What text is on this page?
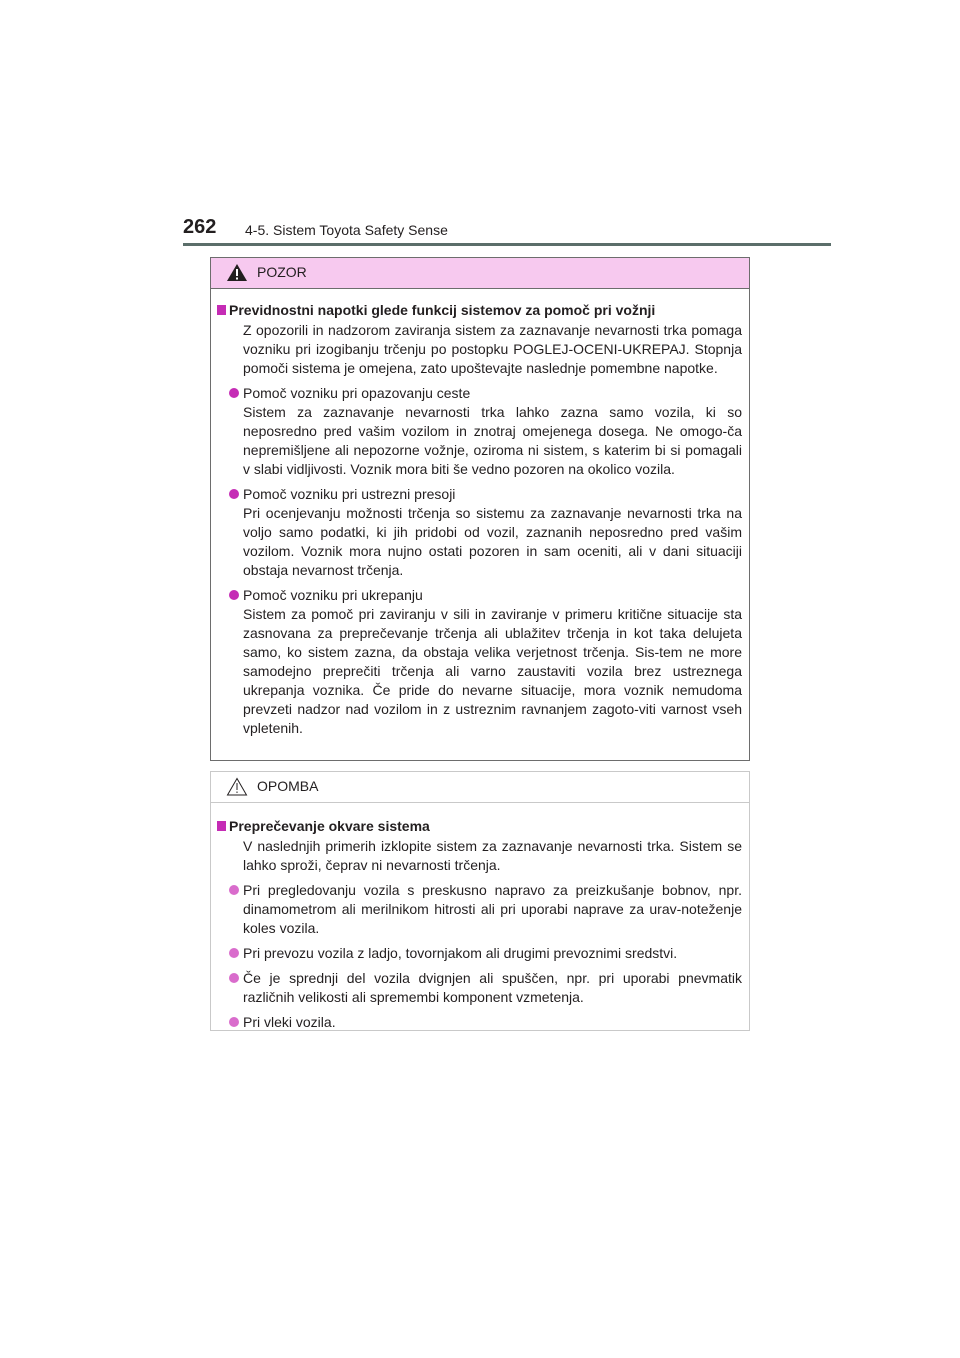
262 4-5. Sistem Toyota Safety Sense
POZOR
Previdnostni napotki glede funkcij sistemov za pomoč pri vožnji
Z opozorili in nadzorom zaviranja sistem za zaznavanje nevarnosti trka pomaga vozniku pri izogibanju trčenju po postopku POGLEJ-OCENI-UKREPAJ. Stopnja pomoči sistema je omejena, zato upoštevajte naslednje pomembne napotke.
Pomoč vozniku pri opazovanju ceste
Sistem za zaznavanje nevarnosti trka lahko zazna samo vozila, ki so neposredno pred vašim vozilom in znotraj omejenega dosega. Ne omogo-ča nepremišljene ali nepozorne vožnje, oziroma ni sistem, s katerim bi si pomagali v slabi vidljivosti. Voznik mora biti še vedno pozoren na okolico vozila.
Pomoč vozniku pri ustrezni presoji
Pri ocenjevanju možnosti trčenja so sistemu za zaznavanje nevarnosti trka na voljo samo podatki, ki jih pridobi od vozil, zaznanih neposredno pred vašim vozilom. Voznik mora nujno ostati pozoren in sam oceniti, ali v dani situaciji obstaja nevarnost trčenja.
Pomoč vozniku pri ukrepanju
Sistem za pomoč pri zaviranju v sili in zaviranje v primeru kritične situacije sta zasnovana za preprečevanje trčenja ali ublažitev trčenja in kot taka delujeta samo, ko sistem zazna, da obstaja velika verjetnost trčenja. Sis-tem ne more samodejno preprečiti trčenja ali varno zaustaviti vozila brez ustreznega ukrepanja voznika. Če pride do nevarne situacije, mora voznik nemudoma prevzeti nadzor nad vozilom in z ustreznim ravnanjem zagoto-viti varnost vseh vpletenih.
OPOMBA
Preprečevanje okvare sistema
V naslednjih primerih izklopite sistem za zaznavanje nevarnosti trka. Sistem se lahko sproži, čeprav ni nevarnosti trčenja.
Pri pregledovanju vozila s preskusno napravo za preizkušanje bobnov, npr. dinamometrom ali merilnikom hitrosti ali pri uporabi naprave za urav-noteženje koles vozila.
Pri prevozu vozila z ladjo, tovornjakom ali drugimi prevoznimi sredstvi.
Če je sprednji del vozila dvignjen ali spuščen, npr. pri uporabi pnevmatik različnih velikosti ali spremembi komponent vzmetenja.
Pri vleki vozila.
